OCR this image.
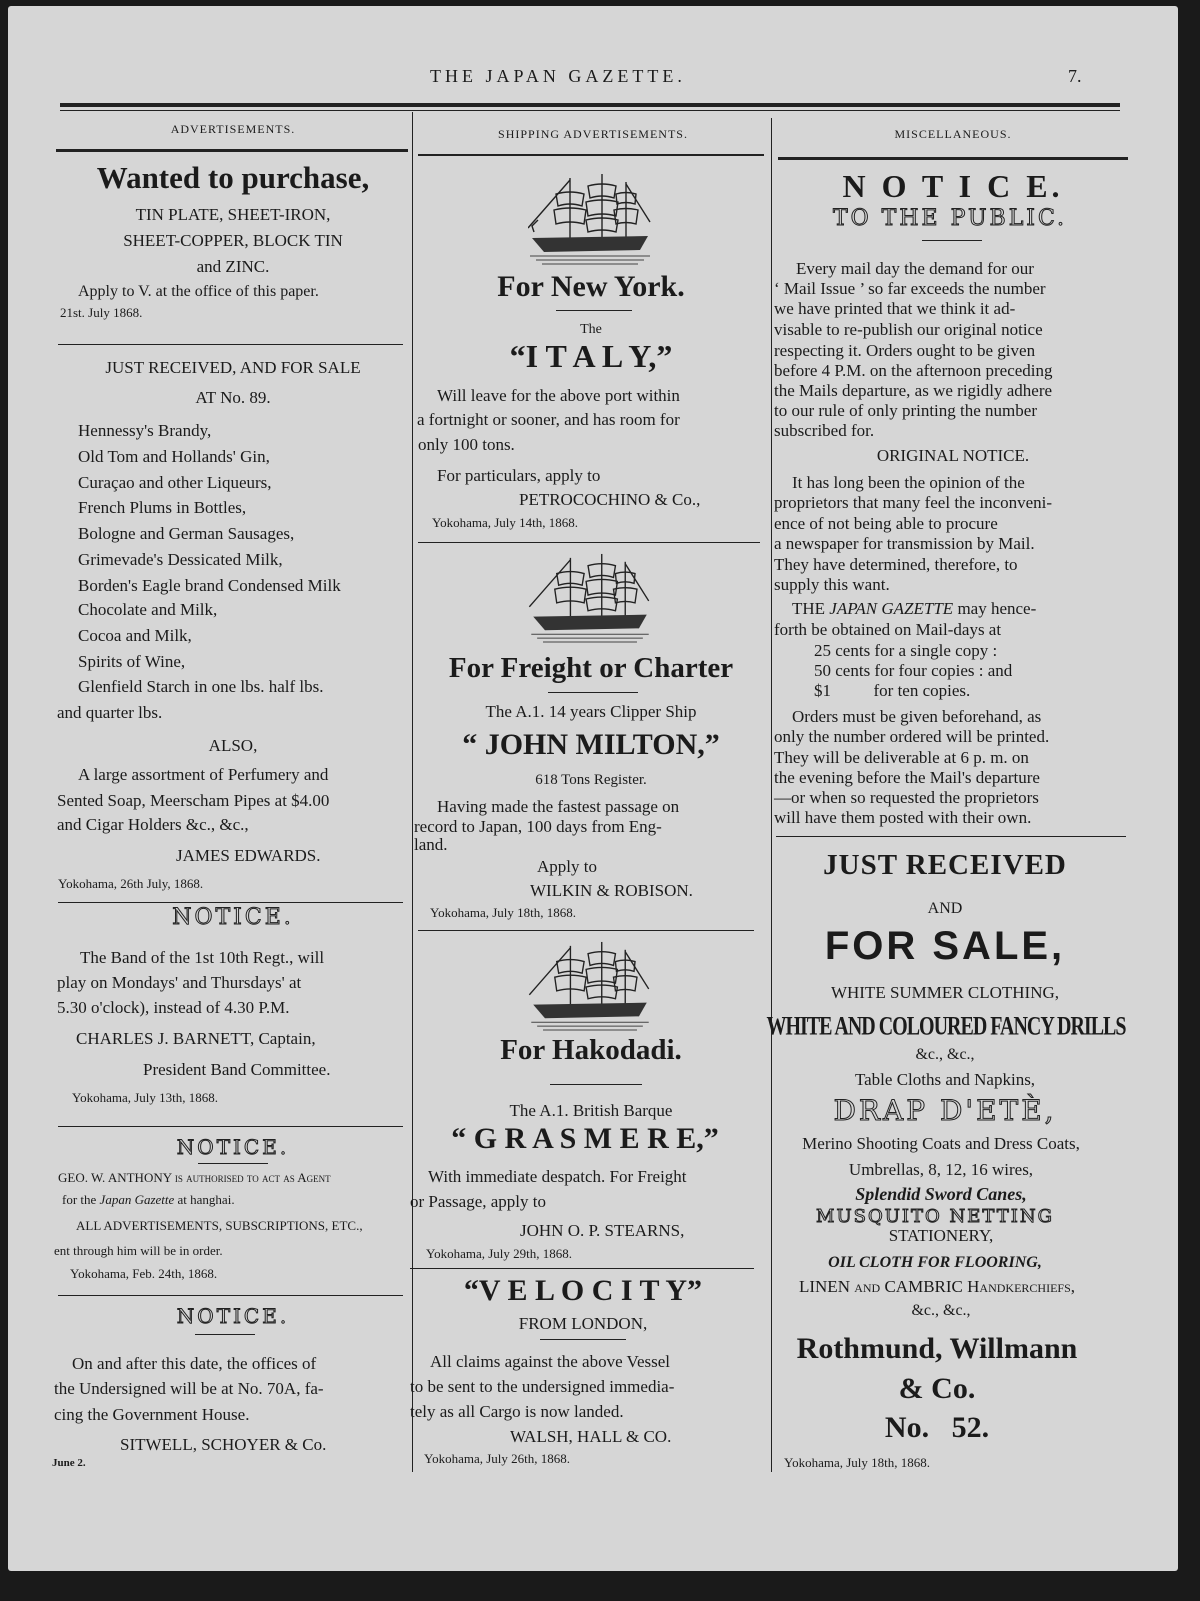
THE JAPAN GAZETTE.	7.
ADVERTISEMENTS.	SHIPPING ADVERTISEMENTS.	MISCELLANEOUS.
Wanted to purchase,
TIN PLATE, SHEET-IRON,
SHEET-COPPER, BLOCK TIN
and ZINC.
Apply to V. at the office of this paper.
21st. July 1868.
JUST RECEIVED, AND FOR SALE
AT No. 89.
Hennessy's Brandy,
Old Tom and Hollands' Gin,
Curaçao and other Liqueurs,
French Plums in Bottles,
Bologne and German Sausages,
Grimevade's Dessicated Milk,
Borden's Eagle brand Condensed Milk
Chocolate and Milk,
Cocoa and Milk,
Spirits of Wine,
Glenfield Starch in one lbs. half lbs.
and quarter lbs.
ALSO,
A large assortment of Perfumery and
Sented Soap, Meerscham Pipes at $4.00
and Cigar Holders &c., &c.,
JAMES EDWARDS.
Yokohama, 26th July, 1868.
NOTICE.
The Band of the 1st 10th Regt., will
play on Mondays' and Thursdays' at
5.30 o'clock), instead of 4.30 P.M.
CHARLES J. BARNETT, Captain,
President Band Committee.
Yokohama, July 13th, 1868.
NOTICE.
GEO. W. ANTHONY is authorised to act as Agent
for the Japan Gazette at hanghai.
ALL ADVERTISEMENTS, SUBSCRIPTIONS, ETC.,
ent through him will be in order.
Yokohama, Feb. 24th, 1868.
NOTICE.
On and after this date, the offices of
the Undersigned will be at No. 70A, fa-
cing the Government House.
SITWELL, SCHOYER & Co.
June 2.
For New York.
The
“I T A L Y,”
Will leave for the above port within
a fortnight or sooner, and has room for
only 100 tons.
For particulars, apply to
PETROCOCHINO & Co.,
Yokohama, July 14th, 1868.
For Freight or Charter
The A.1. 14 years Clipper Ship
“ JOHN MILTON,”
618 Tons Register.
Having made the fastest passage on
record to Japan, 100 days from Eng-
land.
Apply to
WILKIN & ROBISON.
Yokohama, July 18th, 1868.
For Hakodadi.
The A.1. British Barque
“ G R A S M E R E,”
With immediate despatch. For Freight
or Passage, apply to
JOHN O. P. STEARNS,
Yokohama, July 29th, 1868.
“V E L O C I T Y”
FROM LONDON,
All claims against the above Vessel
to be sent to the undersigned immedia-
tely as all Cargo is now landed.
WALSH, HALL & CO.
Yokohama, July 26th, 1868.
N O T I C E.
TO THE PUBLIC.
Every mail day the demand for our
‘ Mail Issue ’ so far exceeds the number
we have printed that we think it ad-
visable to re-publish our original notice
respecting it. Orders ought to be given
before 4 P.M. on the afternoon preceding
the Mails departure, as we rigidly adhere
to our rule of only printing the number
subscribed for.
ORIGINAL NOTICE.
It has long been the opinion of the
proprietors that many feel the inconveni-
ence of not being able to procure
a newspaper for transmission by Mail.
They have determined, therefore, to
supply this want.
THE JAPAN GAZETTE may hence-
forth be obtained on Mail-days at
25 cents for a single copy :
50 cents for four copies : and
$1          for ten copies.
Orders must be given beforehand, as
only the number ordered will be printed.
They will be deliverable at 6 p. m. on
the evening before the Mail's departure
—or when so requested the proprietors
will have them posted with their own.
JUST RECEIVED
AND
FOR SALE,
WHITE SUMMER CLOTHING,
WHITE AND COLOURED FANCY DRILLS
&c., &c.,
Table Cloths and Napkins,
DRAP D'ETÈ,
Merino Shooting Coats and Dress Coats,
Umbrellas, 8, 12, 16 wires,
Splendid Sword Canes,
MUSQUITO NETTING
STATIONERY,
OIL CLOTH FOR FLOORING,
LINEN and CAMBRIC Handkerchiefs,
&c., &c.,
Rothmund, Willmann
& Co.
No.   52.
Yokohama, July 18th, 1868.
